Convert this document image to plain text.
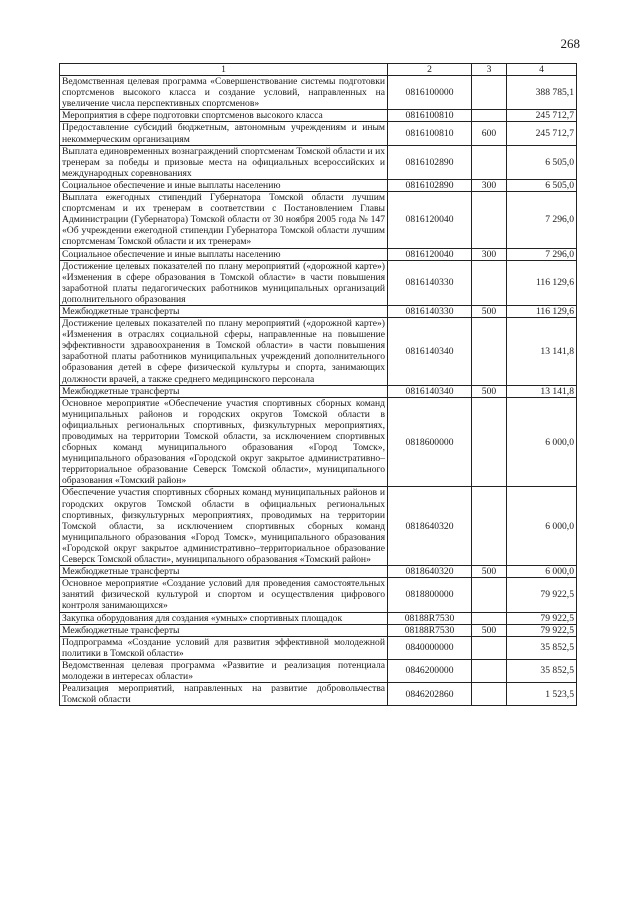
268
1	2	3	4
Ведомственная целевая программа «Совершенствование системы подготовки спортсменов высокого класса и создание условий, направленных на увеличение числа перспективных спортсменов»	0816100000		388 785,1
Мероприятия в сфере подготовки спортсменов высокого класса	0816100810		245 712,7
Предоставление субсидий бюджетным, автономным учреждениям и иным некоммерческим организациям	0816100810	600	245 712,7
Выплата единовременных вознаграждений спортсменам Томской области и их тренерам за победы и призовые места на официальных всероссийских и международных соревнованиях	0816102890		6 505,0
Социальное обеспечение и иные выплаты населению	0816102890	300	6 505,0
Выплата ежегодных стипендий Губернатора Томской области лучшим спортсменам и их тренерам в соответствии с Постановлением Главы Администрации (Губернатора) Томской области от 30 ноября 2005 года № 147 «Об учреждении ежегодной стипендии Губернатора Томской области лучшим спортсменам Томской области и их тренерам»	0816120040		7 296,0
Социальное обеспечение и иные выплаты населению	0816120040	300	7 296,0
Достижение целевых показателей по плану мероприятий («дорожной карте») «Изменения в сфере образования в Томской области» в части повышения заработной платы педагогических работников муниципальных организаций дополнительного образования	0816140330		116 129,6
Межбюджетные трансферты	0816140330	500	116 129,6
Достижение целевых показателей по плану мероприятий («дорожной карте») «Изменения в отраслях социальной сферы, направленные на повышение эффективности здравоохранения в Томской области» в части повышения заработной платы работников муниципальных учреждений дополнительного образования детей в сфере физической культуры и спорта, занимающих должности врачей, а также среднего медицинского персонала	0816140340		13 141,8
Межбюджетные трансферты	0816140340	500	13 141,8
Основное мероприятие «Обеспечение участия спортивных сборных команд муниципальных районов и городских округов Томской области в официальных региональных спортивных, физкультурных мероприятиях, проводимых на территории Томской области, за исключением спортивных сборных команд муниципального образования «Город Томск», муниципального образования «Городской округ закрытое административно–территориальное образование Северск Томской области», муниципального образования «Томский район»	0818600000		6 000,0
Обеспечение участия спортивных сборных команд муниципальных районов и городских округов Томской области в официальных региональных спортивных, физкультурных мероприятиях, проводимых на территории Томской области, за исключением спортивных сборных команд муниципального образования «Город Томск», муниципального образования «Городской округ закрытое административно–территориальное образование Северск Томской области», муниципального образования «Томский район»	0818640320		6 000,0
Межбюджетные трансферты	0818640320	500	6 000,0
Основное мероприятие «Создание условий для проведения самостоятельных занятий физической культурой и спортом и осуществления цифрового контроля занимающихся»	0818800000		79 922,5
Закупка оборудования для создания «умных» спортивных площадок	08188R7530		79 922,5
Межбюджетные трансферты	08188R7530	500	79 922,5
Подпрограмма «Создание условий для развития эффективной молодежной политики в Томской области»	0840000000		35 852,5
Ведомственная целевая программа «Развитие и реализация потенциала молодежи в интересах области»	0846200000		35 852,5
Реализация мероприятий, направленных на развитие добровольчества Томской области	0846202860		1 523,5
